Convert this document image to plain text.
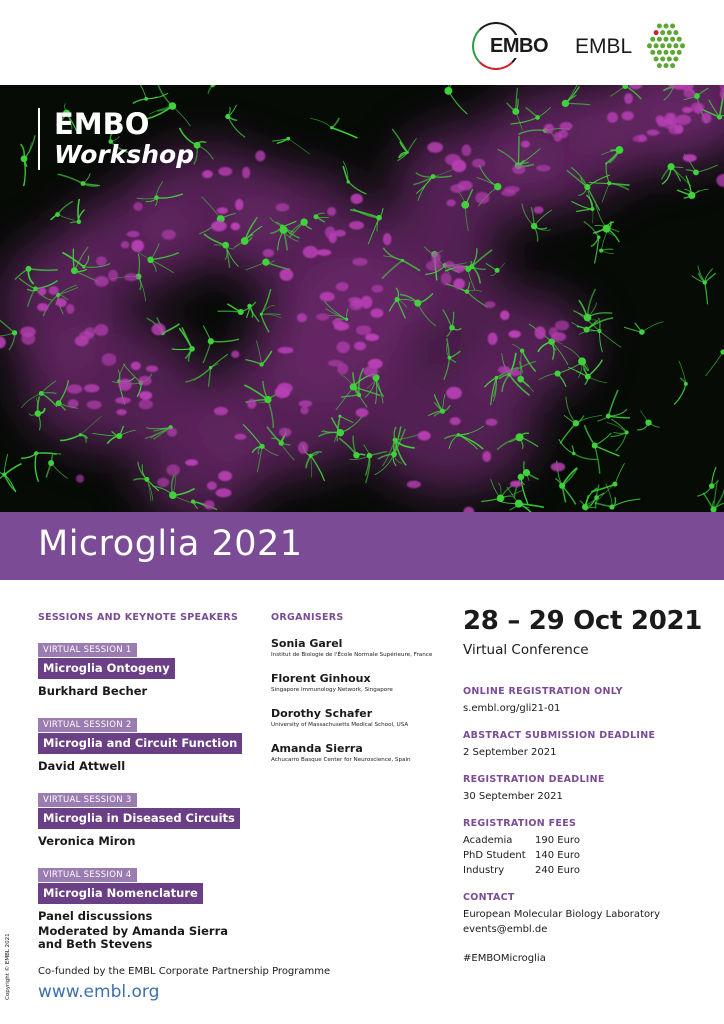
EMBO EMBL
EMBO
Workshop
Microglia 2021
SESSIONS AND KEYNOTE SPEAKERS
VIRTUAL SESSION 1
Microglia Ontogeny
Burkhard Becher
VIRTUAL SESSION 2
Microglia and Circuit Function
David Attwell
VIRTUAL SESSION 3
Microglia in Diseased Circuits
Veronica Miron
VIRTUAL SESSION 4
Microglia Nomenclature
Panel discussions
Moderated by Amanda Sierra
and Beth Stevens
ORGANISERS
Sonia Garel
Institut de Biologie de l'École Normale Supérieure, France
Florent Ginhoux
Singapore Immunology Network, Singapore
Dorothy Schafer
University of Massachusetts Medical School, USA
Amanda Sierra
Achucarro Basque Center for Neuroscience, Spain
28 – 29 Oct 2021
Virtual Conference
ONLINE REGISTRATION ONLY
s.embl.org/gli21-01
ABSTRACT SUBMISSION DEADLINE
2 September 2021
REGISTRATION DEADLINE
30 September 2021
REGISTRATION FEES
Academia	190 Euro
PhD Student 140 Euro
Industry	240 Euro
CONTACT
European Molecular Biology Laboratory
events@embl.de
#EMBOMicroglia
Copyright © EMBL 2021	Co-funded by the EMBL Corporate Partnership Programme
www.embl.org
